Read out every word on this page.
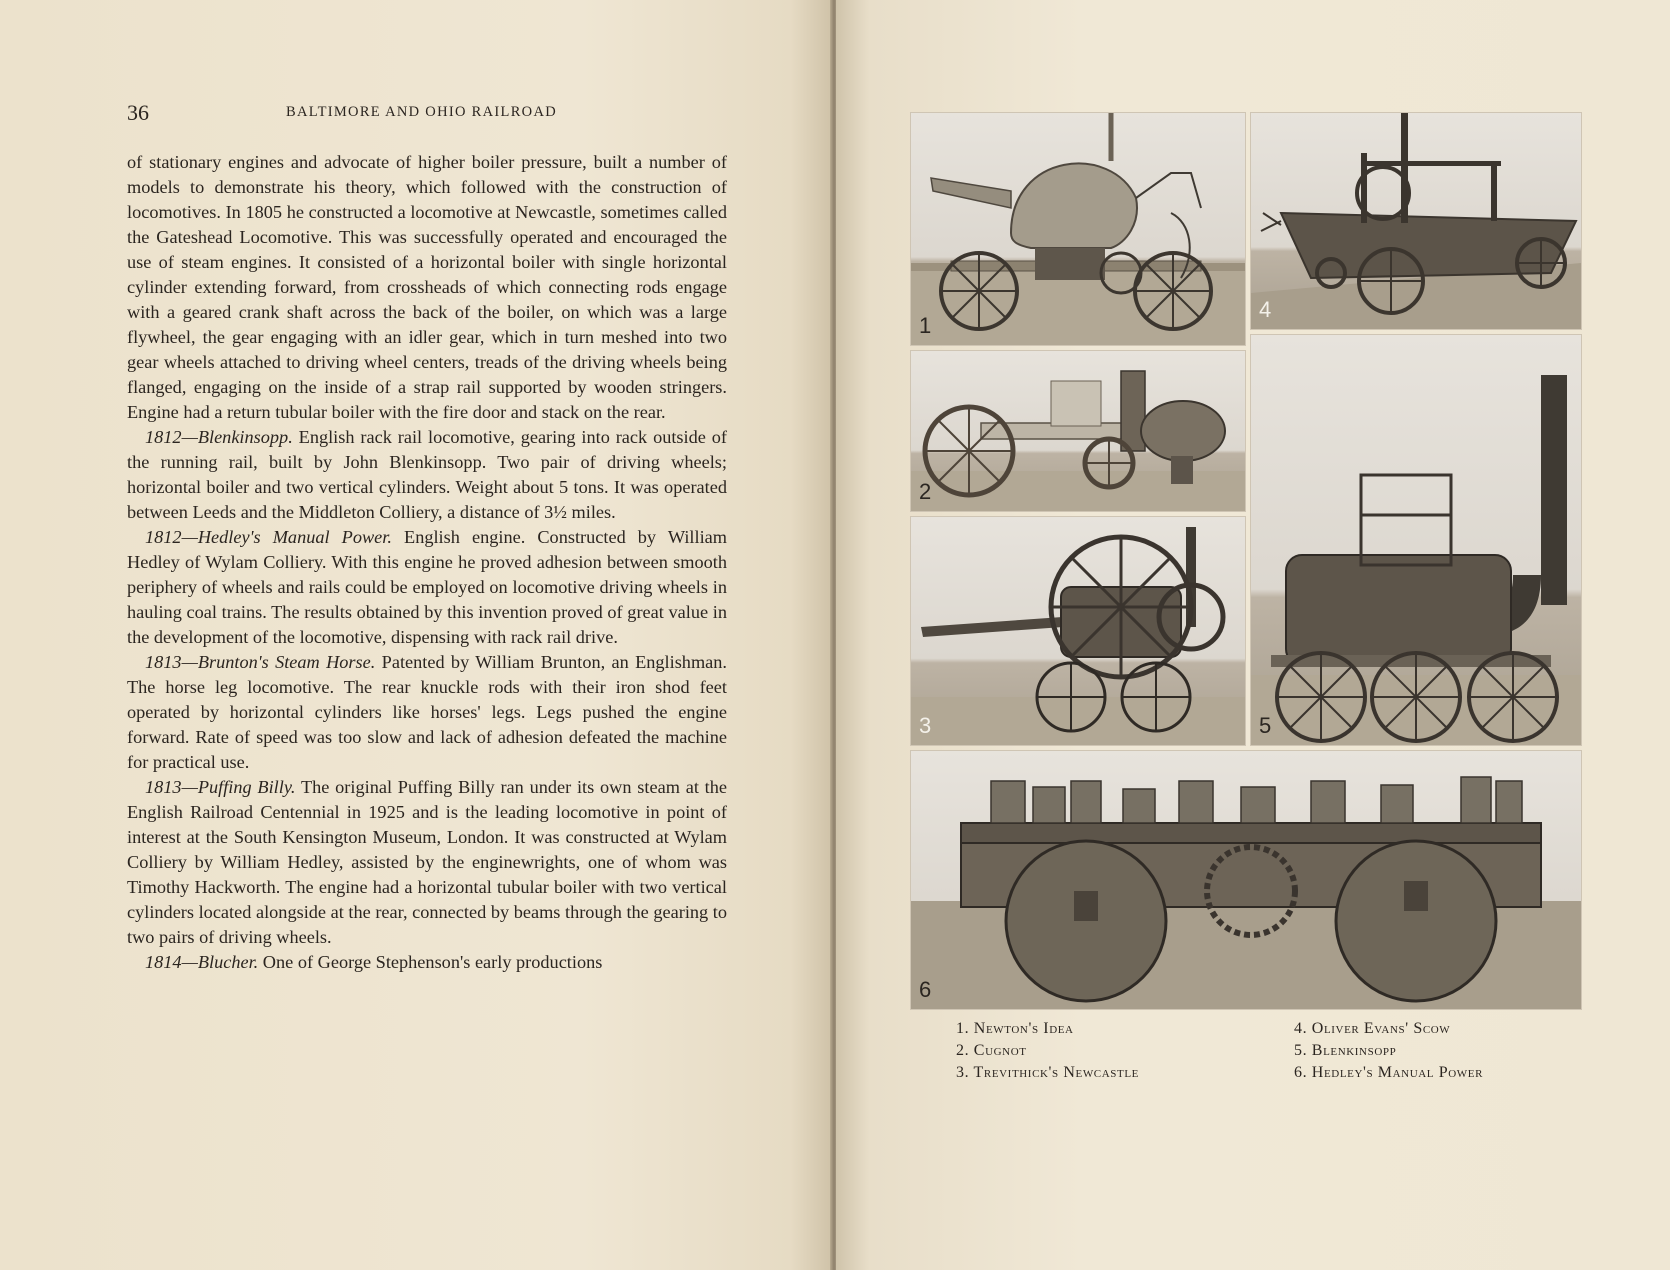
36	BALTIMORE AND OHIO RAILROAD

of stationary engines and advocate of higher boiler pressure, built a number of models to demonstrate his theory, which followed with the construction of locomotives. In 1805 he constructed a locomotive at Newcastle, sometimes called the Gateshead Locomotive. This was successfully operated and encouraged the use of steam engines. It consisted of a horizontal boiler with single horizontal cylinder extending forward, from crossheads of which connecting rods engage with a geared crank shaft across the back of the boiler, on which was a large flywheel, the gear engaging with an idler gear, which in turn meshed into two gear wheels attached to driving wheel centers, treads of the driving wheels being flanged, engaging on the inside of a strap rail supported by wooden stringers. Engine had a return tubular boiler with the fire door and stack on the rear.

1812—Blenkinsopp. English rack rail locomotive, gearing into rack outside of the running rail, built by John Blenkinsopp. Two pair of driving wheels; horizontal boiler and two vertical cylinders. Weight about 5 tons. It was operated between Leeds and the Middleton Colliery, a distance of 3½ miles.

1812—Hedley's Manual Power. English engine. Constructed by William Hedley of Wylam Colliery. With this engine he proved adhesion between smooth periphery of wheels and rails could be employed on locomotive driving wheels in hauling coal trains. The results obtained by this invention proved of great value in the development of the locomotive, dispensing with rack rail drive.

1813—Brunton's Steam Horse. Patented by William Brunton, an Englishman. The horse leg locomotive. The rear knuckle rods with their iron shod feet operated by horizontal cylinders like horses' legs. Legs pushed the engine forward. Rate of speed was too slow and lack of adhesion defeated the machine for practical use.

1813—Puffing Billy. The original Puffing Billy ran under its own steam at the English Railroad Centennial in 1925 and is the leading locomotive in point of interest at the South Kensington Museum, London. It was constructed at Wylam Colliery by William Hedley, assisted by the enginewrights, one of whom was Timothy Hackworth. The engine had a horizontal tubular boiler with two vertical cylinders located alongside at the rear, connected by beams through the gearing to two pairs of driving wheels.

1814—Blucher. One of George Stephenson's early productions

1
4
2
5
3
6
1. Newton's Idea
2. Cugnot
3. Trevithick's Newcastle
4. Oliver Evans' Scow
5. Blenkinsopp
6. Hedley's Manual Power
